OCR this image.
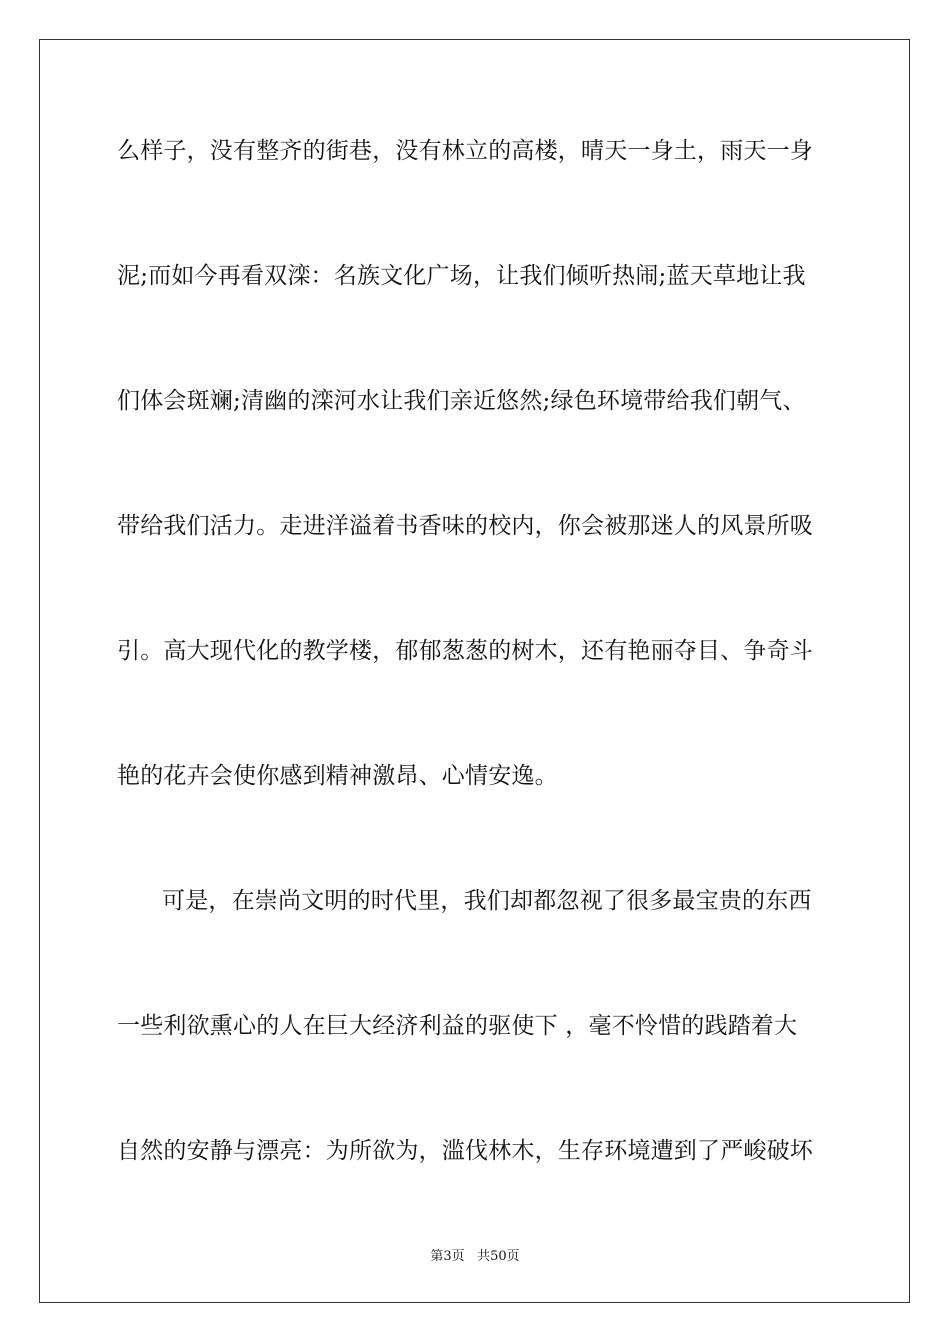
么样子，没有整齐的街巷，没有林立的高楼，晴天一身土，雨天一身
泥;而如今再看双滦：名族文化广场，让我们倾听热闹;蓝天草地让我
们体会斑斓;清幽的滦河水让我们亲近悠然;绿色环境带给我们朝气、
带给我们活力。走进洋溢着书香味的校内，你会被那迷人的风景所吸
引。高大现代化的教学楼，郁郁葱葱的树木，还有艳丽夺目、争奇斗
艳的花卉会使你感到精神激昂、心情安逸。
可是，在崇尚文明的时代里，我们却都忽视了很多最宝贵的东西
一些利欲熏心的人在巨大经济利益的驱使下 ，毫不怜惜的践踏着大
自然的安静与漂亮：为所欲为，滥伐林木，生存环境遭到了严峻破坏
第3页 共50页
